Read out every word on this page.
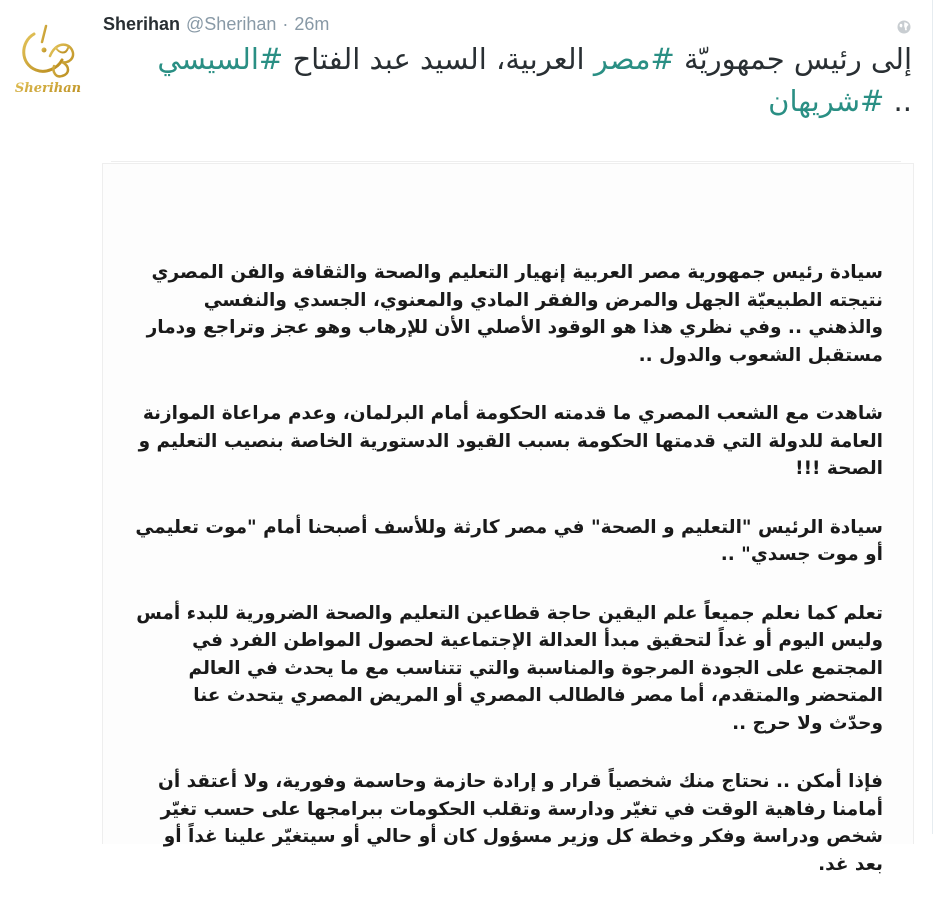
Sherihan
Sherihan @Sherihan · 26m
إلى رئيس جمهوريّة #مصر العربية، السيد عبد الفتاح #السيسي .. #شريهان

سيادة رئيس جمهورية مصر العربية إنهيار التعليم والصحة والثقافة والفن المصري نتيجته الطبيعيّة الجهل والمرض والفقر المادي والمعنوي، الجسدي والنفسي والذهني .. وفي نظري هذا هو الوقود الأصلي الأن للإرهاب وهو عجز وتراجع ودمار مستقبل الشعوب والدول ..

شاهدت مع الشعب المصري ما قدمته الحكومة أمام البرلمان، وعدم مراعاة الموازنة العامة للدولة التي قدمتها الحكومة بسبب القيود الدستورية الخاصة بنصيب التعليم و الصحة !!!

سيادة الرئيس "التعليم و الصحة" في مصر كارثة وللأسف أصبحنا أمام "موت تعليمي أو موت جسدي" ..

تعلم كما نعلم جميعاً علم اليقين حاجة قطاعين التعليم والصحة الضرورية للبدء أمس وليس اليوم أو غداً لتحقيق مبدأ العدالة الإجتماعية لحصول المواطن الفرد في المجتمع على الجودة المرجوة والمناسبة والتي تتناسب مع ما يحدث في العالم المتحضر والمتقدم، أما مصر فالطالب المصري أو المريض المصري يتحدث عنا وحدّث ولا حرج ..

فإذا أمكن .. نحتاج منك شخصياً قرار و إرادة حازمة وحاسمة وفورية، ولا أعتقد أن أمامنا رفاهية الوقت في تغيّر ودارسة وتقلب الحكومات ببرامجها على حسب تغيّر شخص ودراسة وفكر وخطة كل وزير مسؤول كان أو حالي أو سيتغيّر علينا غداً أو بعد غد.
